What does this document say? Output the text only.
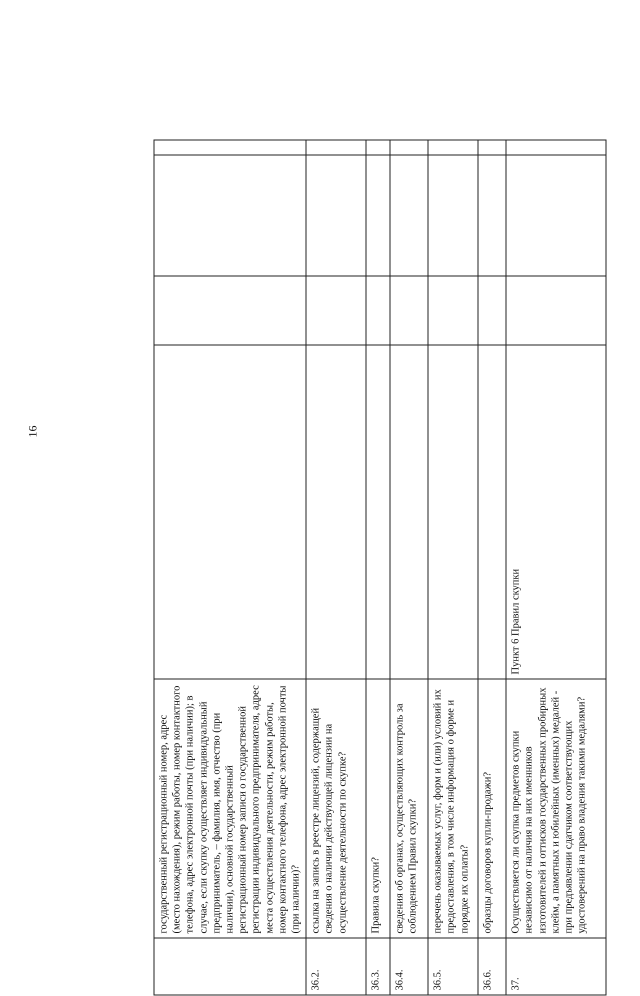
16
	государственный регистрационный номер, адрес (место нахождения), режим работы, номер контактного телефона, адрес электронной почты (при наличии); в случае, если скупку осуществляет индивидуальный предприниматель, – фамилия, имя, отчество (при наличии), основной государственный регистрационный номер записи о государственной регистрации индивидуального предпринимателя, адрес места осуществления деятельности, режим работы, номер контактного телефона, адрес электронной почты (при наличии)?				
36.2.	ссылка на запись в реестре лицензий, содержащей сведения о наличии действующей лицензии на осуществление деятельности по скупке?				
36.3.	Правила скупки?				
36.4.	сведения об органах, осуществляющих контроль за соблюдением Правил скупки?				
36.5.	перечень оказываемых услуг, форм и (или) условий их предоставления, в том числе информация о форме и порядке их оплаты?				
36.6.	образцы договоров купли-продажи?				
37.	Осуществляется ли скупка предметов скупки независимо от наличия на них именников изготовителей и оттисков государственных пробирных клейм, а памятных и юбилейных (именных) медалей - при предъявлении сдатчиком соответствующих удостоверений на право владения такими медалями?	Пункт 6 Правил скупки			
